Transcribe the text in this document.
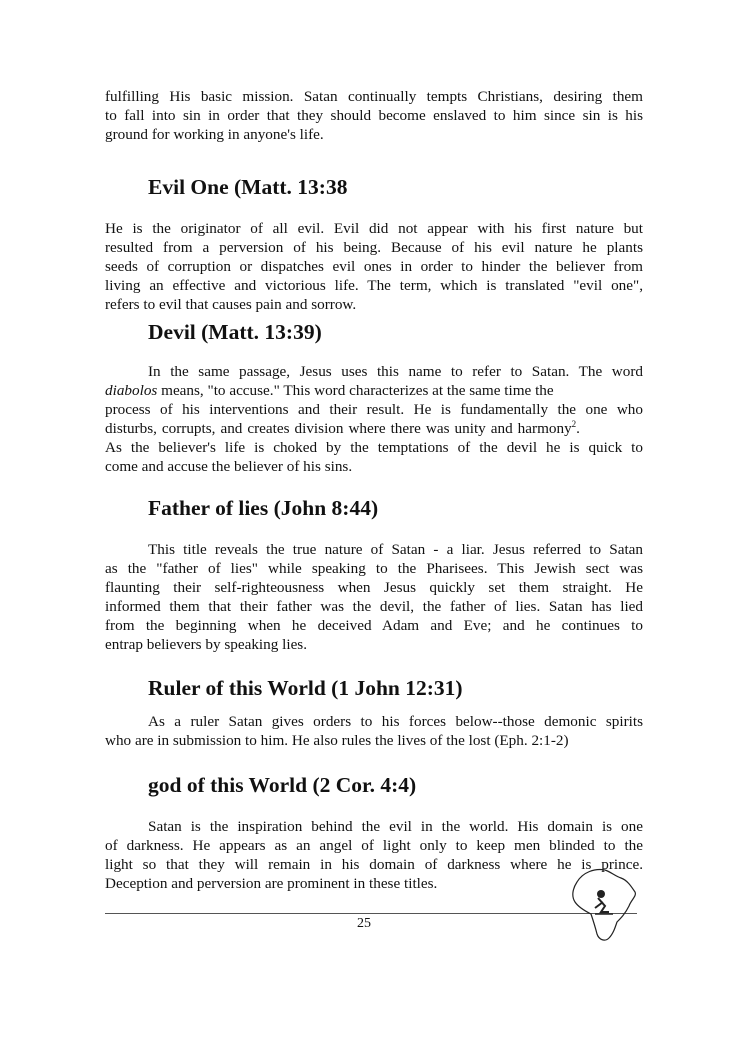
fulfilling His basic mission. Satan continually tempts Christians, desiring them
to fall into sin in order that they should become enslaved to him since sin is his
ground for working in anyone's life.
Evil One (Matt. 13:38
He is the originator of all evil. Evil did not appear with his first nature but
resulted from a perversion of his being. Because of his evil nature he plants
seeds of corruption or dispatches evil ones in order to hinder the believer from
living an effective and victorious life. The term, which is translated "evil one",
refers to evil that causes pain and sorrow.
Devil (Matt. 13:39)
In the same passage, Jesus uses this name to refer to Satan. The word
diabolos means, "to accuse." This word characterizes at the same time the
process of his interventions and their result. He is fundamentally the one who
disturbs, corrupts, and creates division where there was unity and harmony$^2$.
As the believer's life is choked by the temptations of the devil he is quick to
come and accuse the believer of his sins.
Father of lies (John 8:44)
This title reveals the true nature of Satan - a liar. Jesus referred to Satan
as the "father of lies" while speaking to the Pharisees. This Jewish sect was
flaunting their self-righteousness when Jesus quickly set them straight. He
informed them that their father was the devil, the father of lies. Satan has lied
from the beginning when he deceived Adam and Eve; and he continues to
entrap believers by speaking lies.
Ruler of this World (1 John 12:31)
As a ruler Satan gives orders to his forces below--those demonic spirits
who are in submission to him. He also rules the lives of the lost (Eph. 2:1-2)
god of this World (2 Cor. 4:4)
Satan is the inspiration behind the evil in the world. His domain is one
of darkness. He appears as an angel of light only to keep men blinded to the
light so that they will remain in his domain of darkness where he is prince.
Deception and perversion are prominent in these titles.
25
